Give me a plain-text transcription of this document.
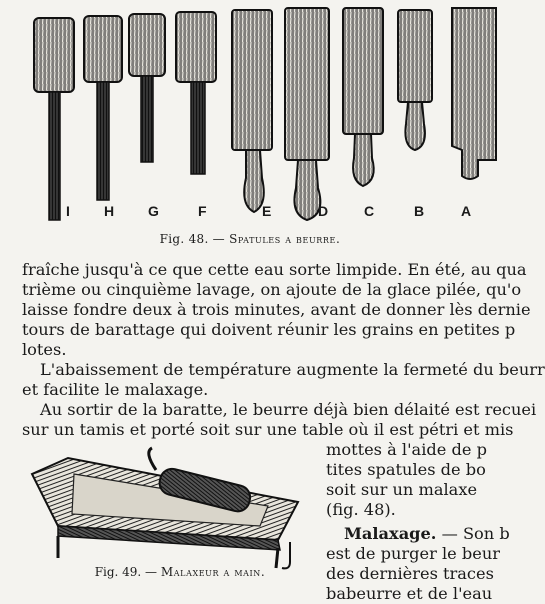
I H G	F	E	D C	B	A
Fig. 48. — Spatules a beurre.
fraîche jusqu'à ce que cette eau sorte limpide. En été, au qua
trième ou cinquième lavage, on ajoute de la glace pilée, qu'o
laisse fondre deux à trois minutes, avant de donner lès dernie
tours de barattage qui doivent réunir les grains en petites p
lotes.
L'abaissement de température augmente la fermeté du beurr
et facilite le malaxage.
Au sortir de la baratte, le beurre déjà bien délaité est recuei
sur un tamis et porté soit sur une table où il est pétri et mis
mottes à l'aide de p
tites spatules de bo
soit sur un malaxe
(fig. 48).
Malaxage. — Son b
est de purger le beur
des dernières traces
babeurre et de l'eau
Fig. 49. — Malaxeur a main.
